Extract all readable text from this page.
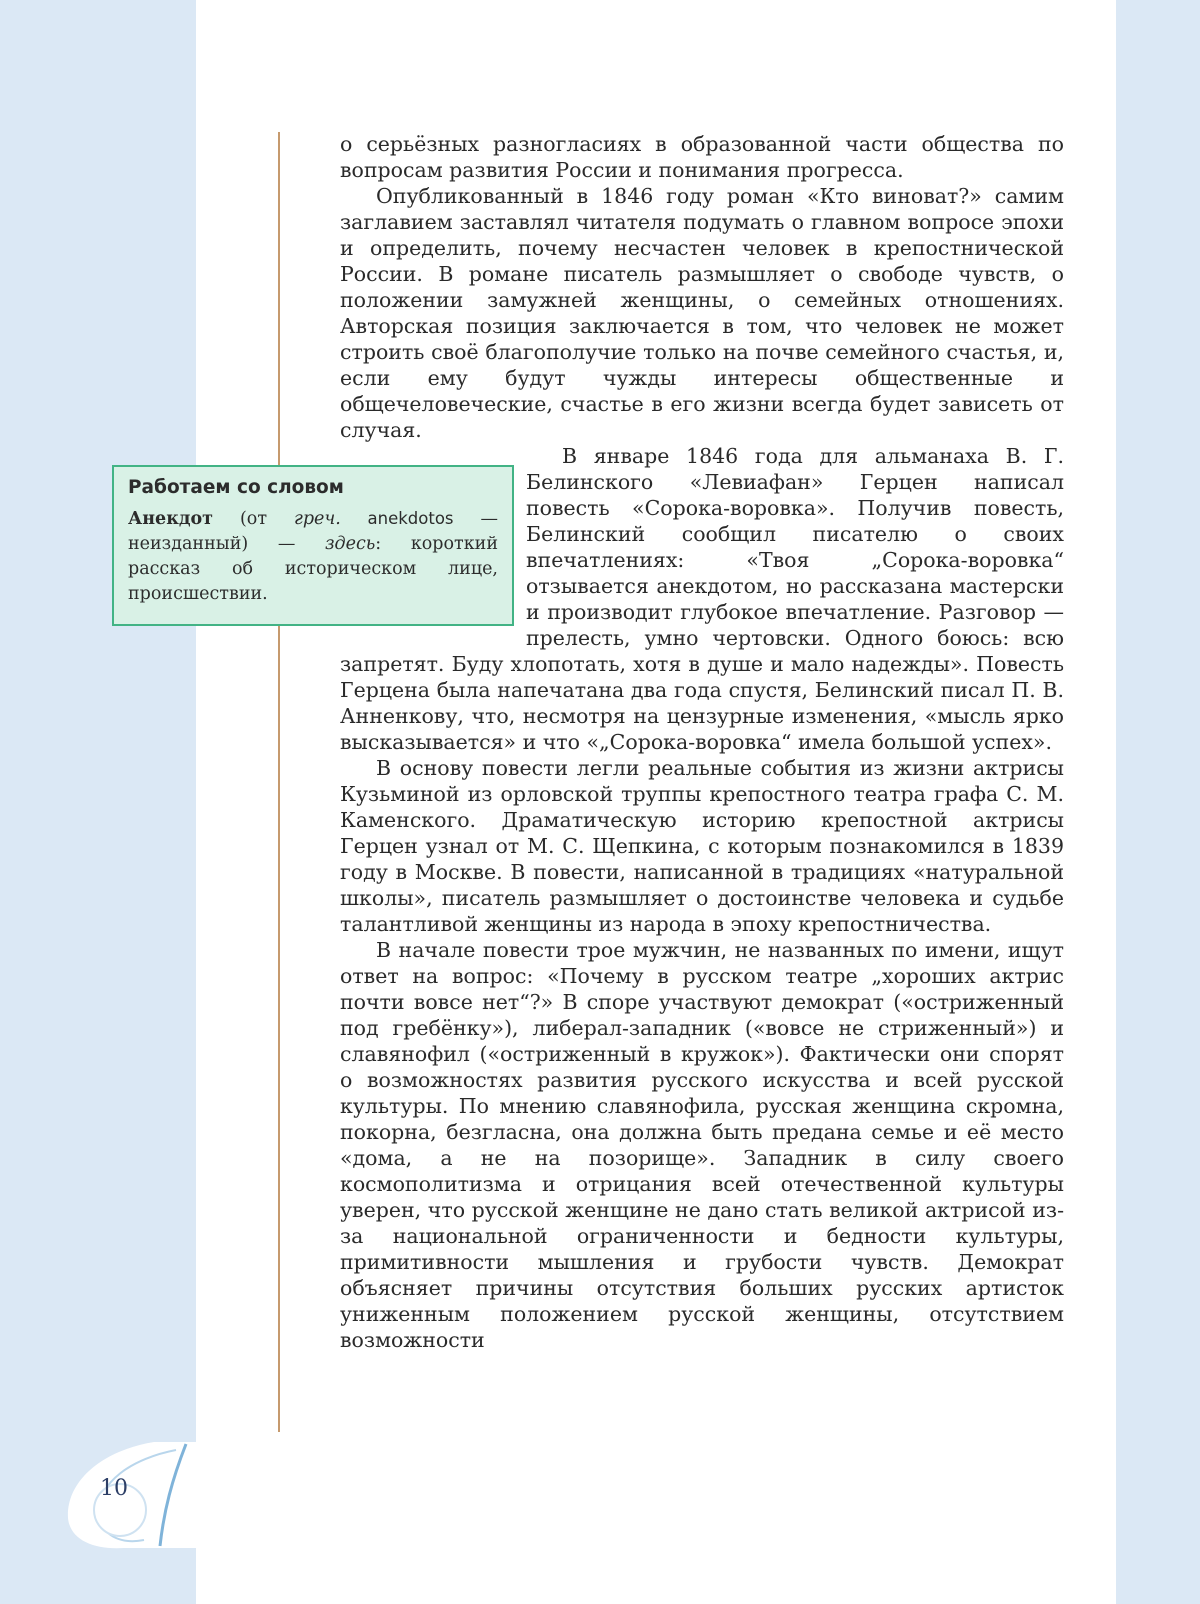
о серьёзных разногласиях в образованной части общества по вопросам развития России и понимания прогресса.

Опубликованный в 1846 году роман «Кто виноват?» самим заглавием заставлял читателя подумать о главном вопросе эпохи и определить, почему несчастен человек в крепостнической России. В романе писатель размышляет о свободе чувств, о положении замужней женщины, о семейных отношениях. Авторская позиция заключается в том, что человек не может строить своё благополучие только на почве семейного счастья, и, если ему будут чужды интересы общественные и общечеловеческие, счастье в его жизни всегда будет зависеть от случая.

В январе 1846 года для альманаха В. Г. Белинского «Левиафан» Герцен написал повесть «Сорока-воровка». Получив повесть, Белинский сообщил писателю о своих впечатлениях: «Твоя „Сорока-воровка“ отзывается анекдотом, но рассказана мастерски и производит глубокое впечатление. Разговор — прелесть, умно чертовски. Одного боюсь: всю запретят. Буду хлопотать, хотя в душе и мало надежды». Повесть Герцена была напечатана два года спустя, Белинский писал П. В. Анненкову, что, несмотря на цензурные изменения, «мысль ярко высказывается» и что «„Сорока-воровка“ имела большой успех».

В основу повести легли реальные события из жизни актрисы Кузьминой из орловской труппы крепостного театра графа С. М. Каменского. Драматическую историю крепостной актрисы Герцен узнал от М. С. Щепкина, с которым познакомился в 1839 году в Москве. В повести, написанной в традициях «натуральной школы», писатель размышляет о достоинстве человека и судьбе талантливой женщины из народа в эпоху крепостничества.

В начале повести трое мужчин, не названных по имени, ищут ответ на вопрос: «Почему в русском театре „хороших актрис почти вовсе нет“?» В споре участвуют демократ («остриженный под гребёнку»), либерал-западник («вовсе не стриженный») и славянофил («остриженный в кружок»). Фактически они спорят о возможностях развития русского искусства и всей русской культуры. По мнению славянофила, русская женщина скромна, покорна, безгласна, она должна быть предана семье и её место «дома, а не на позорище». Западник в силу своего космополитизма и отрицания всей отечественной культуры уверен, что русской женщине не дано стать великой актрисой из-за национальной ограниченности и бедности культуры, примитивности мышления и грубости чувств. Демократ объясняет причины отсутствия больших русских артисток униженным положением русской женщины, отсутствием возможности

Работаем со словом

Анекдот (от греч. anekdotos — неизданный) — здесь: короткий рассказ об историческом лице, происшествии.

10
